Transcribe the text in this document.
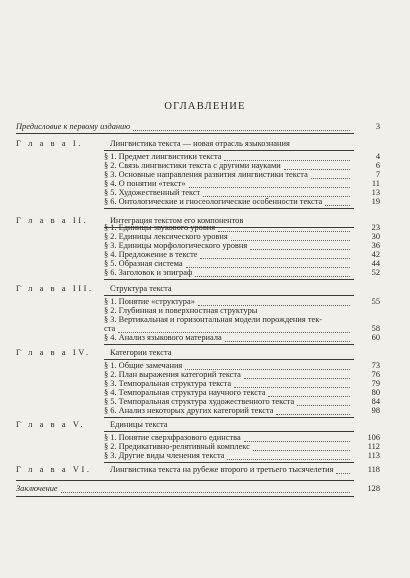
ОГЛАВЛЕНИЕ
Предисловие к первому изданию	3
Г л а в а I.	Лингвистика текста — новая отрасль языкознания
§ 1. Предмет лингвистики текста	4
§ 2. Связь лингвистики текста с другими науками	6
§ 3. Основные направления развития лингвистики текста	7
§ 4. О понятии «текст»	11
§ 5. Художественный текст	13
§ 6. Онтологические и гносеологические особенности текста	19
Г л а в а II.	Интеграция текстом его компонентов
§ 1. Единицы звукового уровня	23
§ 2. Единицы лексического уровня	30
§ 3. Единицы морфологического уровня	36
§ 4. Предложение в тексте	42
§ 5. Образная система	44
§ 6. Заголовок и эпиграф	52
Г л а в а III. Структура текста
§ 1. Понятие «структура»	55
§ 2. Глубинная и поверхностная структуры
§ 3. Вертикальная и горизонтальная модели порождения тек-
ста	58
§ 4. Анализ языкового материала	60
Г л а в а IV. Категории текста
§ 1. Общие замечания	73
§ 2. План выражения категорий текста	76
§ 3. Темпоральная структура текста	79
§ 4. Темпоральная структура научного текста	80
§ 5. Темпоральная структура художественного текста	84
§ 6. Анализ некоторых других категорий текста	98
Г л а в а V.	Единицы текста
§ 1. Понятие сверхфразового единства	106
§ 2. Предикативно-релятивный комплекс	112
§ 3. Другие виды членения текста	113
Г л а в а VI. Лингвистика текста на рубеже второго и третьего тысячелетия	118
Заключение	128
